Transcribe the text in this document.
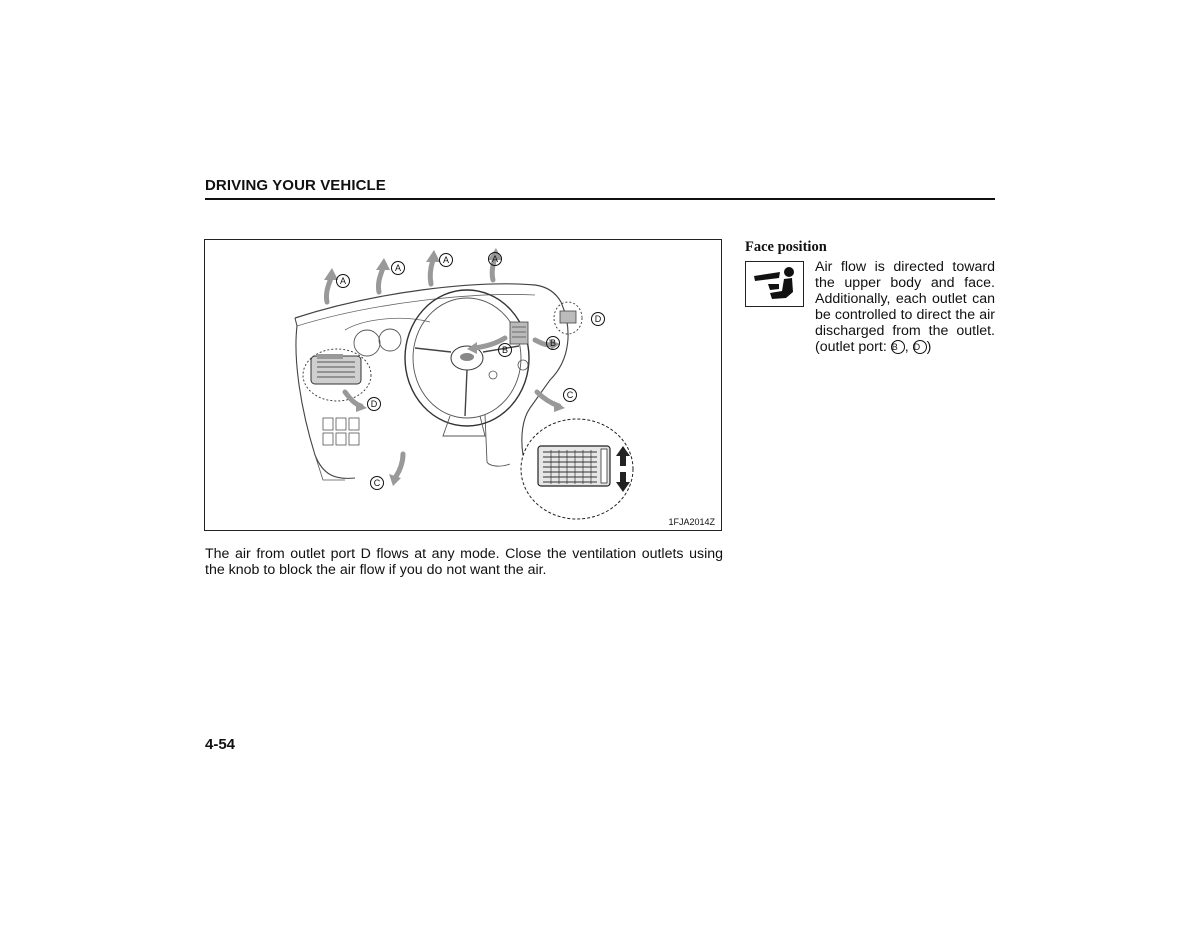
DRIVING YOUR VEHICLE
A
A
A	A
B
B
D
D
C
C
1FJA2014Z
The air from outlet port D flows at any mode. Close the ventilation outlets using the knob to block the air flow if you do not want the air.
Face position
Air flow is directed toward the upper body and face. Additionally, each outlet can be controlled to direct the air discharged from the outlet. (outlet port: B , D )
4-54
